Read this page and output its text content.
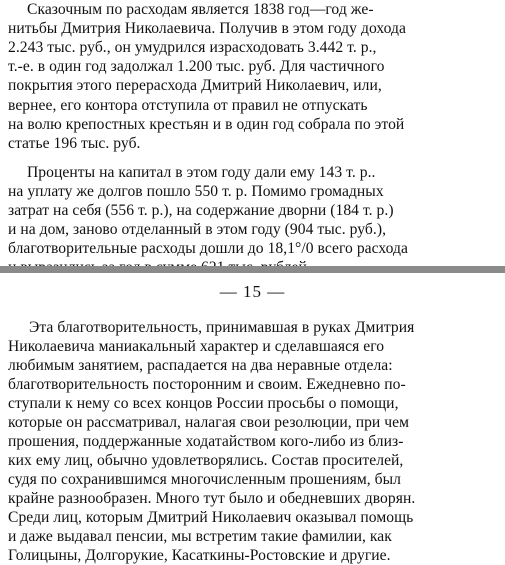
Сказочным по расходам является 1838 год—год же-
нитьбы Дмитрия Николаевича. Получив в этом году дохода
2.243 тыс. руб., он умудрился израсходовать 3.442 т. р.,
т.-е. в один год задолжал 1.200 тыс. руб. Для частичного
покрытия этого перерасхода Дмитрий Николаевич, или,
вернее, его контора отступила от правил не отпускать
на волю крепостных крестьян и в один год собрала по этой
статье 196 тыс. руб.
Проценты на капитал в этом году дали ему 143 т. р..
на уплату же долгов пошло 550 т. р. Помимо громадных
затрат на себя (556 т. р.), на содержание дворни (184 т. р.)
и на дом, заново отделанный в этом году (904 тыс. руб.),
благотворительные расходы дошли до 18,1°/0 всего расхода
— 15 —
Эта благотворительность, принимавшая в руках Дмитрия
Николаевича маниакальный характер и сделавшаяся его
любимым занятием, распадается на два неравные отдела:
благотворительность посторонним и своим. Ежедневно по-
ступали к нему со всех концов России просьбы о помощи,
которые он рассматривал, налагая свои резолюции, при чем
прошения, поддержанные ходатайством кого-либо из близ-
ких ему лиц, обычно удовлетворялись. Состав просителей,
судя по сохранившимся многочисленным прошениям, был
крайне разнообразен. Много тут было и обедневших дворян.
Среди лиц, которым Дмитрий Николаевич оказывал помощь
и даже выдавал пенсии, мы встретим такие фамилии, как
Голицыны, Долгорукие, Касаткины-Ростовские и другие.
